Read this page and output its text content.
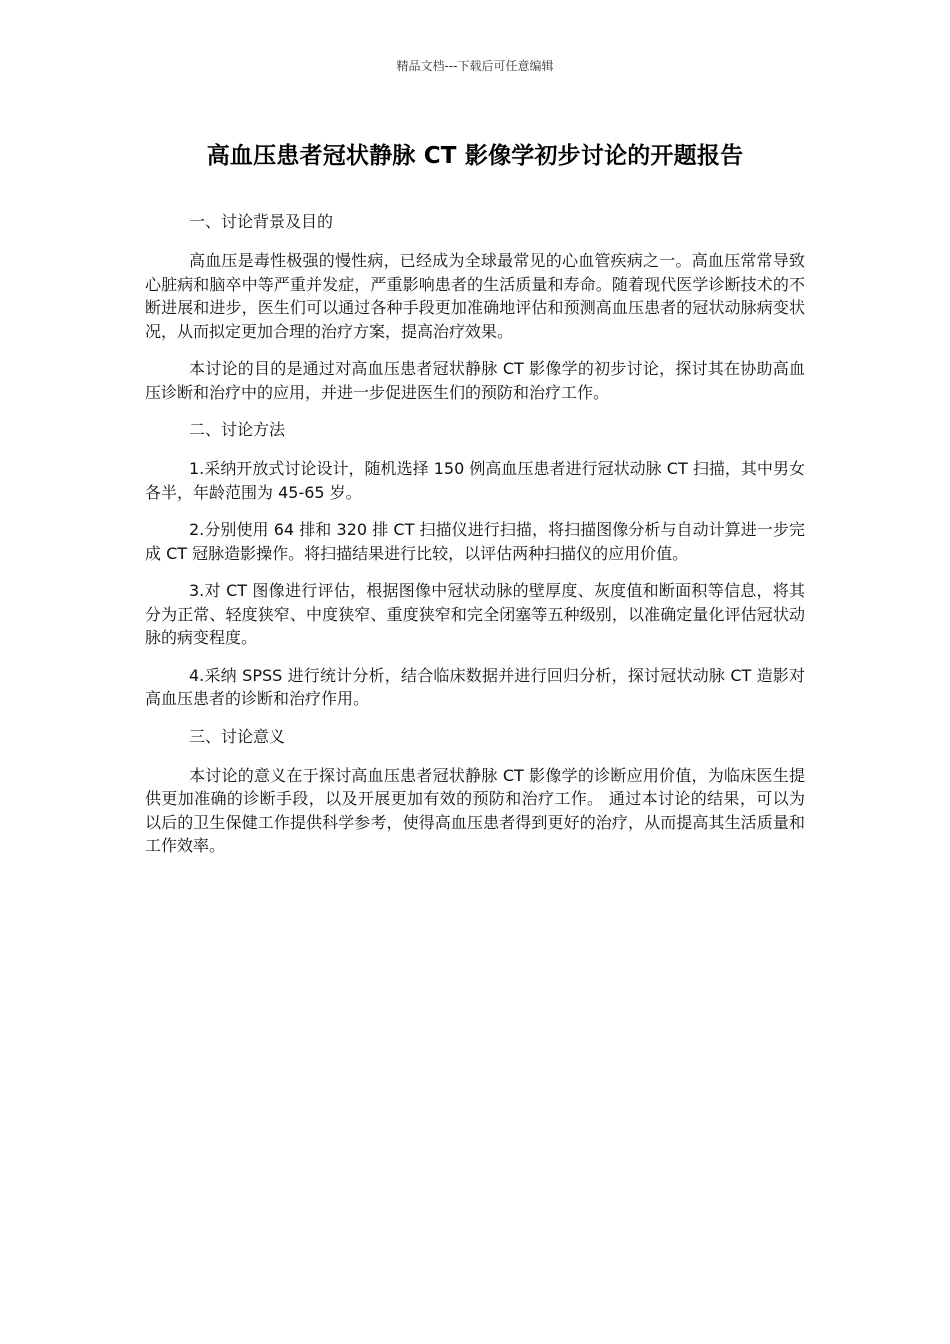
精品文档---下载后可任意编辑
高血压患者冠状静脉 CT 影像学初步讨论的开题报告
一、讨论背景及目的

高血压是毒性极强的慢性病，已经成为全球最常见的心血管疾病之一。高血压常常导致心脏病和脑卒中等严重并发症，严重影响患者的生活质量和寿命。随着现代医学诊断技术的不断进展和进步，医生们可以通过各种手段更加准确地评估和预测高血压患者的冠状动脉病变状况，从而拟定更加合理的治疗方案，提高治疗效果。

本讨论的目的是通过对高血压患者冠状静脉 CT 影像学的初步讨论，探讨其在协助高血压诊断和治疗中的应用，并进一步促进医生们的预防和治疗工作。

二、讨论方法

1.采纳开放式讨论设计，随机选择 150 例高血压患者进行冠状动脉 CT 扫描，其中男女各半，年龄范围为 45-65 岁。

2.分别使用 64 排和 320 排 CT 扫描仪进行扫描，将扫描图像分析与自动计算进一步完成 CT 冠脉造影操作。将扫描结果进行比较，以评估两种扫描仪的应用价值。

3.对 CT 图像进行评估，根据图像中冠状动脉的壁厚度、灰度值和断面积等信息，将其分为正常、轻度狭窄、中度狭窄、重度狭窄和完全闭塞等五种级别，以准确定量化评估冠状动脉的病变程度。

4.采纳 SPSS 进行统计分析，结合临床数据并进行回归分析，探讨冠状动脉 CT 造影对高血压患者的诊断和治疗作用。

三、讨论意义

本讨论的意义在于探讨高血压患者冠状静脉 CT 影像学的诊断应用价值，为临床医生提供更加准确的诊断手段，以及开展更加有效的预防和治疗工作。 通过本讨论的结果，可以为以后的卫生保健工作提供科学参考，使得高血压患者得到更好的治疗，从而提高其生活质量和工作效率。
